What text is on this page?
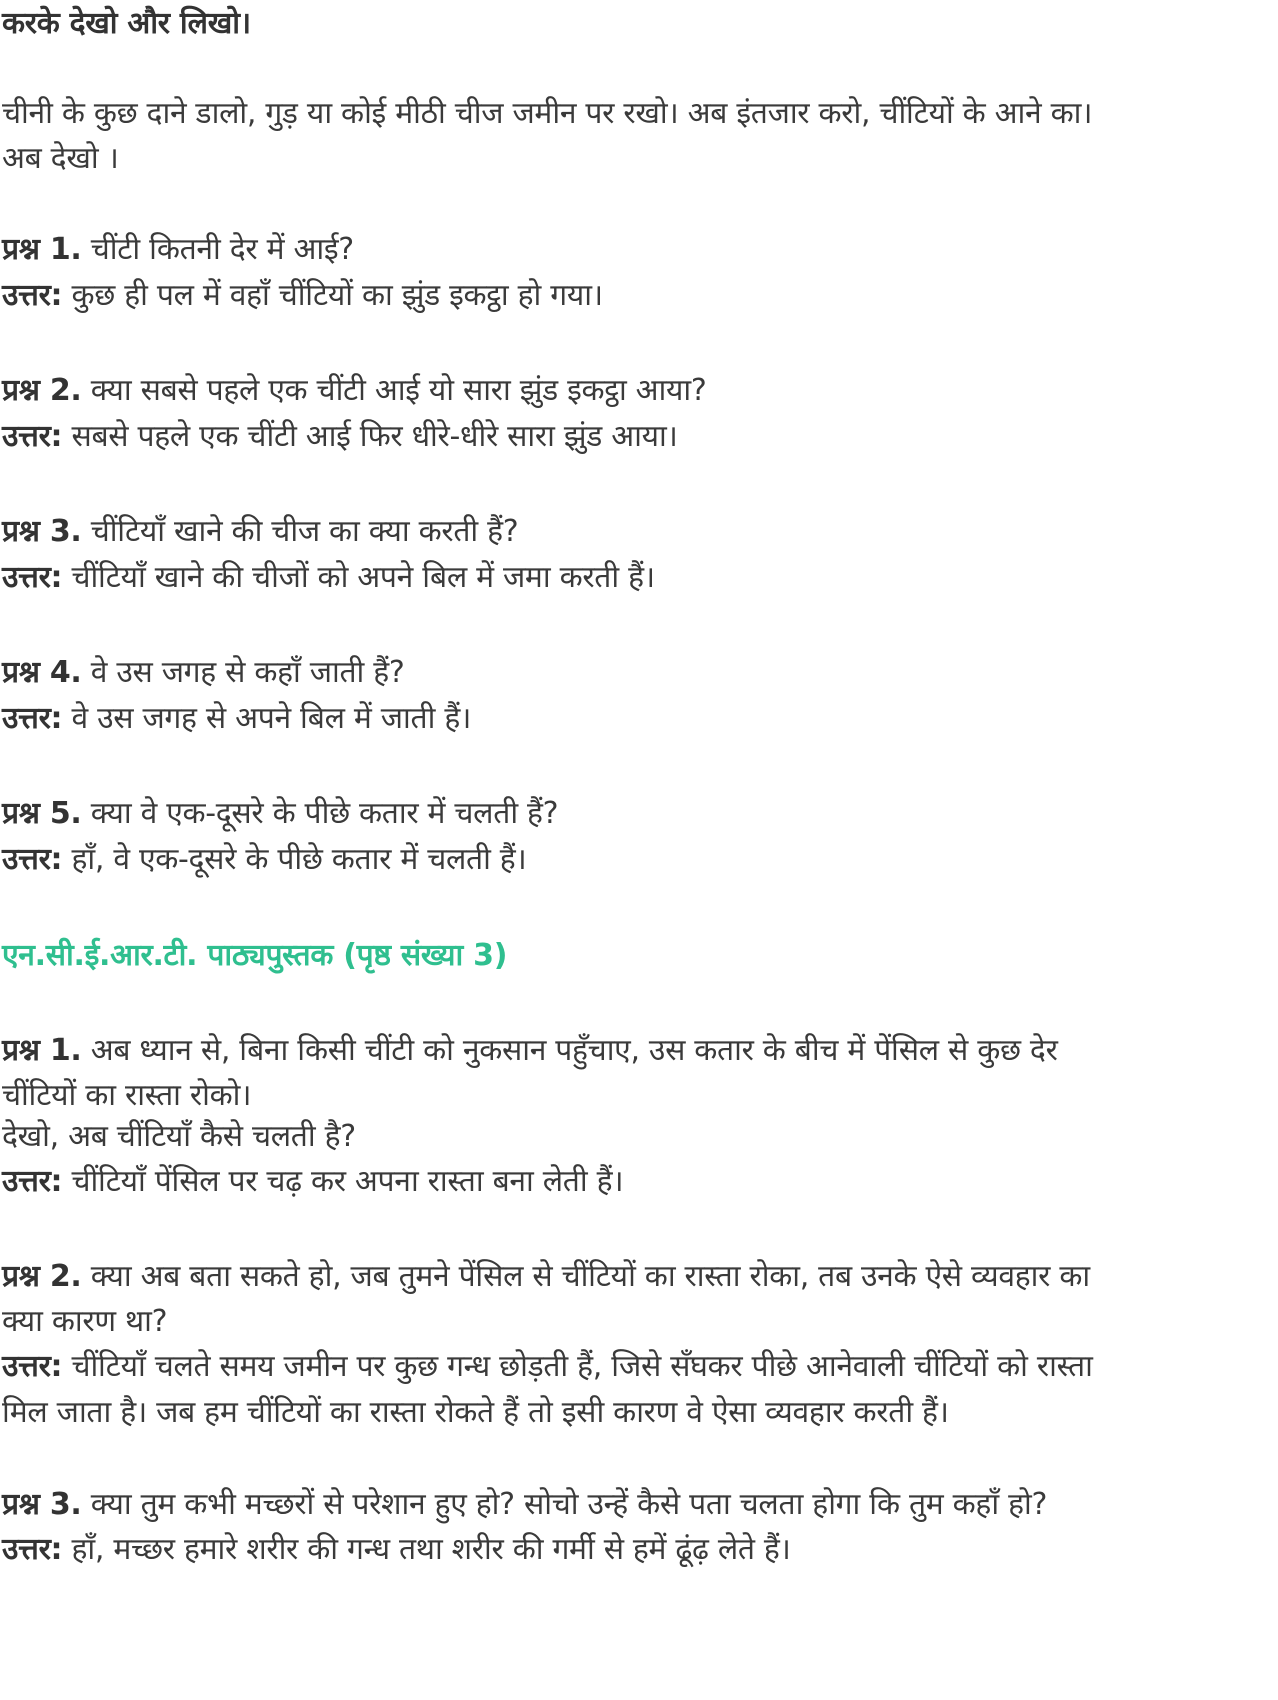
करके देखो और लिखो।
चीनी के कुछ दाने डालो, गुड़ या कोई मीठी चीज जमीन पर रखो। अब इंतजार करो, चींटियों के आने का।
अब देखो ।
प्रश्न 1. चींटी कितनी देर में आई?
उत्तर: कुछ ही पल में वहाँ चींटियों का झुंड इकट्ठा हो गया।
प्रश्न 2. क्या सबसे पहले एक चींटी आई यो सारा झुंड इकट्ठा आया?
उत्तर: सबसे पहले एक चींटी आई फिर धीरे-धीरे सारा झुंड आया।
प्रश्न 3. चींटियाँ खाने की चीज का क्या करती हैं?
उत्तर: चींटियाँ खाने की चीजों को अपने बिल में जमा करती हैं।
प्रश्न 4. वे उस जगह से कहाँ जाती हैं?
उत्तर: वे उस जगह से अपने बिल में जाती हैं।
प्रश्न 5. क्या वे एक-दूसरे के पीछे कतार में चलती हैं?
उत्तर: हाँ, वे एक-दूसरे के पीछे कतार में चलती हैं।
एन.सी.ई.आर.टी. पाठ्यपुस्तक (पृष्ठ संख्या 3)
प्रश्न 1. अब ध्यान से, बिना किसी चींटी को नुकसान पहुँचाए, उस कतार के बीच में पेंसिल से कुछ देर
चींटियों का रास्ता रोको।
देखो, अब चींटियाँ कैसे चलती है?
उत्तर: चींटियाँ पेंसिल पर चढ़ कर अपना रास्ता बना लेती हैं।
प्रश्न 2. क्या अब बता सकते हो, जब तुमने पेंसिल से चींटियों का रास्ता रोका, तब उनके ऐसे व्यवहार का
क्या कारण था?
उत्तर: चींटियाँ चलते समय जमीन पर कुछ गन्ध छोड़ती हैं, जिसे सँघकर पीछे आनेवाली चींटियों को रास्ता
मिल जाता है। जब हम चींटियों का रास्ता रोकते हैं तो इसी कारण वे ऐसा व्यवहार करती हैं।
प्रश्न 3. क्या तुम कभी मच्छरों से परेशान हुए हो? सोचो उन्हें कैसे पता चलता होगा कि तुम कहाँ हो?
उत्तर: हाँ, मच्छर हमारे शरीर की गन्ध तथा शरीर की गर्मी से हमें ढूंढ़ लेते हैं।
